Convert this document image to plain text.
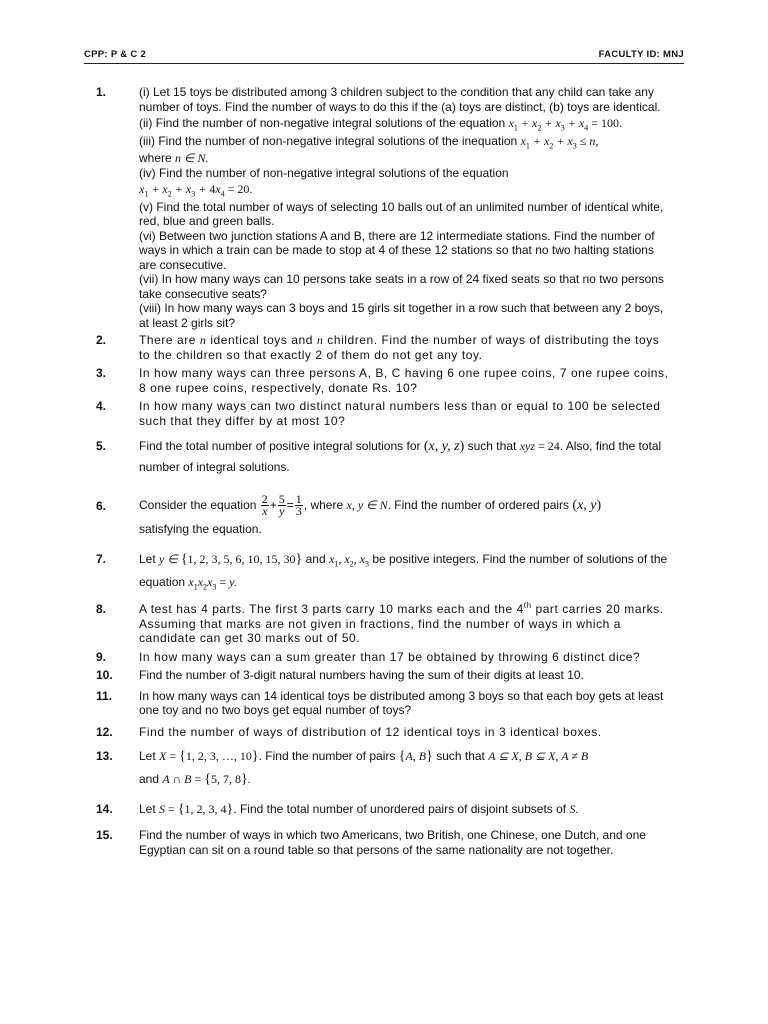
CPP: P & C 2	FACULTY ID: MNJ
1.	(i) Let 15 toys be distributed among 3 children subject to the condition that any child can take any number of toys. Find the number of ways to do this if the (a) toys are distinct, (b) toys are identical.

(ii) Find the number of non-negative integral solutions of the equation $x_1 + x_2 + x_3 + x_4 = 100$.

(iii) Find the number of non-negative integral solutions of the inequation $x_1 + x_2 + x_3 \le n$,

where n ∈ N.

(iv) Find the number of non-negative integral solutions of the equation

$x_1 + x_2 + x_3 + 4x_4 = 20$.

(v) Find the total number of ways of selecting 10 balls out of an unlimited number of identical white, red, blue and green balls.

(vi) Between two junction stations A and B, there are 12 intermediate stations. Find the number of ways in which a train can be made to stop at 4 of these 12 stations so that no two halting stations are consecutive.

(vii) In how many ways can 10 persons take seats in a row of 24 fixed seats so that no two persons take consecutive seats?

(viii) In how many ways can 3 boys and 15 girls sit together in a row such that between any 2 boys, at least 2 girls sit?

2.	There are n identical toys and n children. Find the number of ways of distributing the toys to the children so that exactly 2 of them do not get any toy.
3.	In how many ways can three persons A, B, C having 6 one rupee coins, 7 one rupee coins, 8 one rupee coins, respectively, donate Rs. 10?
4.	In how many ways can two distinct natural numbers less than or equal to 100 be selected such that they differ by at most 10?
5.	Find the total number of positive integral solutions for (x, y, z) such that xyz = 24. Also, find the total number of integral solutions.
6.	Consider the equation $\frac{2}{x} + \frac{5}{y} = \frac{1}{3}$ , where x, y ∈ N. Find the number of ordered pairs (x, y)

satisfying the equation.

7.	Let y ∈ {1, 2, 3, 5, 6, 10, 15, 30} and $x_1$, $x_2$, $x_3$ be positive integers. Find the number of solutions of the equation $x_1x_2x_3 = y$.
8.	A test has 4 parts. The first 3 parts carry 10 marks each and the 4th part carries 20 marks. Assuming that marks are not given in fractions, find the number of ways in which a candidate can get 30 marks out of 50.
9.	In how many ways can a sum greater than 17 be obtained by throwing 6 distinct dice?
10.	Find the number of 3-digit natural numbers having the sum of their digits at least 10.
11.	In how many ways can 14 identical toys be distributed among 3 boys so that each boy gets at least one toy and no two boys get equal number of toys?
12.	Find the number of ways of distribution of 12 identical toys in 3 identical boxes.
13.	Let X = {1, 2, 3, …, 10}. Find the number of pairs {A, B} such that A ⊆ X, B ⊆ X, A ≠ B

and A ∩ B = {5, 7, 8}.

14.	Let S = {1, 2, 3, 4}. Find the total number of unordered pairs of disjoint subsets of S.
15.	Find the number of ways in which two Americans, two British, one Chinese, one Dutch, and one Egyptian can sit on a round table so that persons of the same nationality are not together.
